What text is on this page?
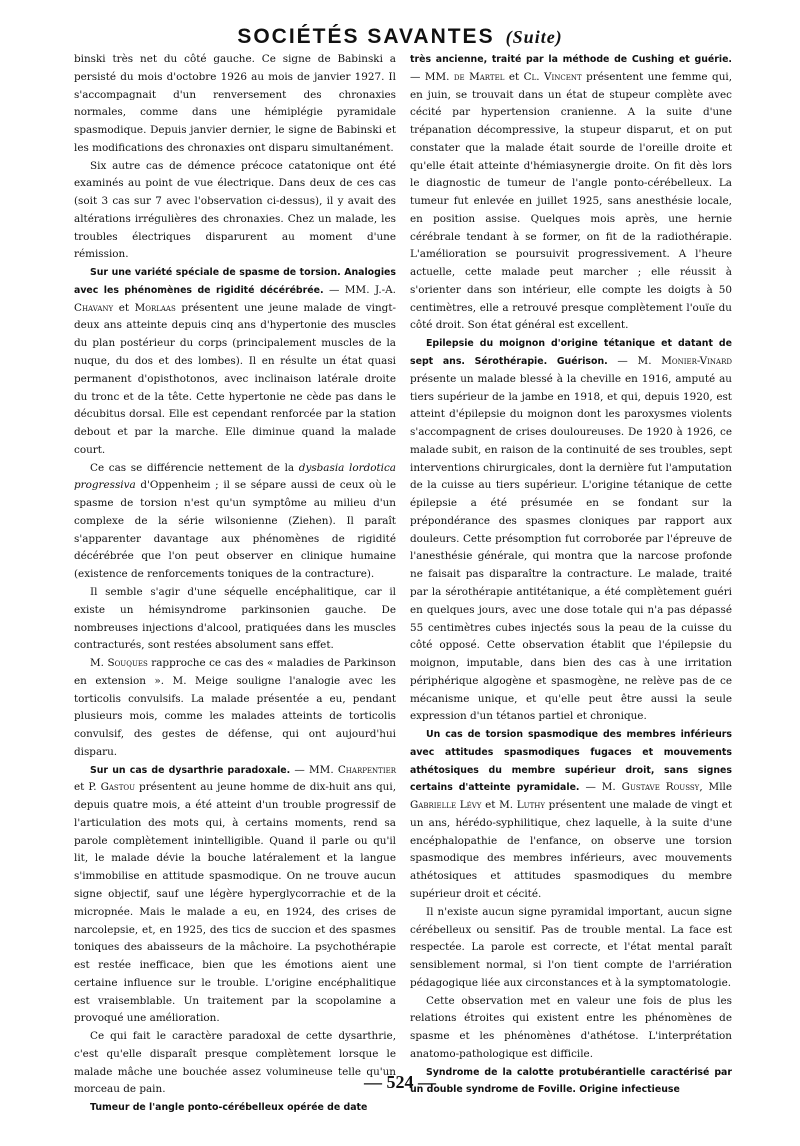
SOCIÉTÉS SAVANTES (Suite)

binski très net du côté gauche. Ce signe de Babinski a persisté du mois d'octobre 1926 au mois de janvier 1927. Il s'accompagnait d'un renversement des chronaxies normales, comme dans une hémiplégie pyramidale spasmodique. Depuis janvier dernier, le signe de Babinski et les modifications des chronaxies ont disparu simultanément.

Six autre cas de démence précoce catatonique ont été examinés au point de vue électrique. Dans deux de ces cas (soit 3 cas sur 7 avec l'observation ci-dessus), il y avait des altérations irrégulières des chronaxies. Chez un malade, les troubles électriques disparurent au moment d'une rémission.

Sur une variété spéciale de spasme de torsion. Analogies avec les phénomènes de rigidité décérébrée. — MM. J.-A. Chavany et Morlaas présentent une jeune malade de vingt-deux ans atteinte depuis cinq ans d'hypertonie des muscles du plan postérieur du corps (principalement muscles de la nuque, du dos et des lombes). Il en résulte un état quasi permanent d'opisthotonos, avec inclinaison latérale droite du tronc et de la tête. Cette hypertonie ne cède pas dans le décubitus dorsal. Elle est cependant renforcée par la station debout et par la marche. Elle diminue quand la malade court.

Ce cas se différencie nettement de la dysbasia lordotica progressiva d'Oppenheim ; il se sépare aussi de ceux où le spasme de torsion n'est qu'un symptôme au milieu d'un complexe de la série wilsonienne (Ziehen). Il paraît s'apparenter davantage aux phénomènes de rigidité décérébrée que l'on peut observer en clinique humaine (existence de renforcements toniques de la contracture).

Il semble s'agir d'une séquelle encéphalitique, car il existe un hémisyndrome parkinsonien gauche. De nombreuses injections d'alcool, pratiquées dans les muscles contracturés, sont restées absolument sans effet.

M. Souques rapproche ce cas des « maladies de Parkinson en extension ». M. Meige souligne l'analogie avec les torticolis convulsifs. La malade présentée a eu, pendant plusieurs mois, comme les malades atteints de torticolis convulsif, des gestes de défense, qui ont aujourd'hui disparu.

Sur un cas de dysarthrie paradoxale. — MM. Charpentier et P. Gastou présentent au jeune homme de dix-huit ans qui, depuis quatre mois, a été atteint d'un trouble progressif de l'articulation des mots qui, à certains moments, rend sa parole complètement inintelligible. Quand il parle ou qu'il lit, le malade dévie la bouche latéralement et la langue s'immobilise en attitude spasmodique. On ne trouve aucun signe objectif, sauf une légère hyperglycorrachie et de la micropnée. Mais le malade a eu, en 1924, des crises de narcolepsie, et, en 1925, des tics de succion et des spasmes toniques des abaisseurs de la mâchoire. La psychothérapie est restée inefficace, bien que les émotions aient une certaine influence sur le trouble. L'origine encéphalitique est vraisemblable. Un traitement par la scopolamine a provoqué une amélioration.

Ce qui fait le caractère paradoxal de cette dysarthrie, c'est qu'elle disparaît presque complètement lorsque le malade mâche une bouchée assez volumineuse telle qu'un morceau de pain.

Tumeur de l'angle ponto-cérébelleux opérée de date

très ancienne, traité par la méthode de Cushing et guérie. — MM. de Martel et Cl. Vincent présentent une femme qui, en juin, se trouvait dans un état de stupeur complète avec cécité par hypertension cranienne. A la suite d'une trépanation décompressive, la stupeur disparut, et on put constater que la malade était sourde de l'oreille droite et qu'elle était atteinte d'hémiasynergie droite. On fit dès lors le diagnostic de tumeur de l'angle ponto-cérébelleux. La tumeur fut enlevée en juillet 1925, sans anesthésie locale, en position assise. Quelques mois après, une hernie cérébrale tendant à se former, on fit de la radiothérapie. L'amélioration se poursuivit progressivement. A l'heure actuelle, cette malade peut marcher ; elle réussit à s'orienter dans son intérieur, elle compte les doigts à 50 centimètres, elle a retrouvé presque complètement l'ouïe du côté droit. Son état général est excellent.

Epilepsie du moignon d'origine tétanique et datant de sept ans. Sérothérapie. Guérison. — M. Monier-Vinard présente un malade blessé à la cheville en 1916, amputé au tiers supérieur de la jambe en 1918, et qui, depuis 1920, est atteint d'épilepsie du moignon dont les paroxysmes violents s'accompagnent de crises douloureuses. De 1920 à 1926, ce malade subit, en raison de la continuité de ses troubles, sept interventions chirurgicales, dont la dernière fut l'amputation de la cuisse au tiers supérieur. L'origine tétanique de cette épilepsie a été présumée en se fondant sur la prépondérance des spasmes cloniques par rapport aux douleurs. Cette présomption fut corroborée par l'épreuve de l'anesthésie générale, qui montra que la narcose profonde ne faisait pas disparaître la contracture. Le malade, traité par la sérothérapie antitétanique, a été complètement guéri en quelques jours, avec une dose totale qui n'a pas dépassé 55 centimètres cubes injectés sous la peau de la cuisse du côté opposé. Cette observation établit que l'épilepsie du moignon, imputable, dans bien des cas à une irritation périphérique algogène et spasmogène, ne relève pas de ce mécanisme unique, et qu'elle peut être aussi la seule expression d'un tétanos partiel et chronique.

Un cas de torsion spasmodique des membres inférieurs avec attitudes spasmodiques fugaces et mouvements athétosiques du membre supérieur droit, sans signes certains d'atteinte pyramidale. — M. Gustave Roussy, Mlle Gabrielle Lévy et M. Luthy présentent une malade de vingt et un ans, hérédo-syphilitique, chez laquelle, à la suite d'une encéphalopathie de l'enfance, on observe une torsion spasmodique des membres inférieurs, avec mouvements athétosiques et attitudes spasmodiques du membre supérieur droit et cécité.

Il n'existe aucun signe pyramidal important, aucun signe cérébelleux ou sensitif. Pas de trouble mental. La face est respectée. La parole est correcte, et l'état mental paraît sensiblement normal, si l'on tient compte de l'arriération pédagogique liée aux circonstances et à la symptomatologie.

Cette observation met en valeur une fois de plus les relations étroites qui existent entre les phénomènes de spasme et les phénomènes d'athétose. L'interprétation anatomo-pathologique est difficile.

Syndrome de la calotte protubérantielle caractérisé par un double syndrome de Foville. Origine infectieuse

— 524 —
